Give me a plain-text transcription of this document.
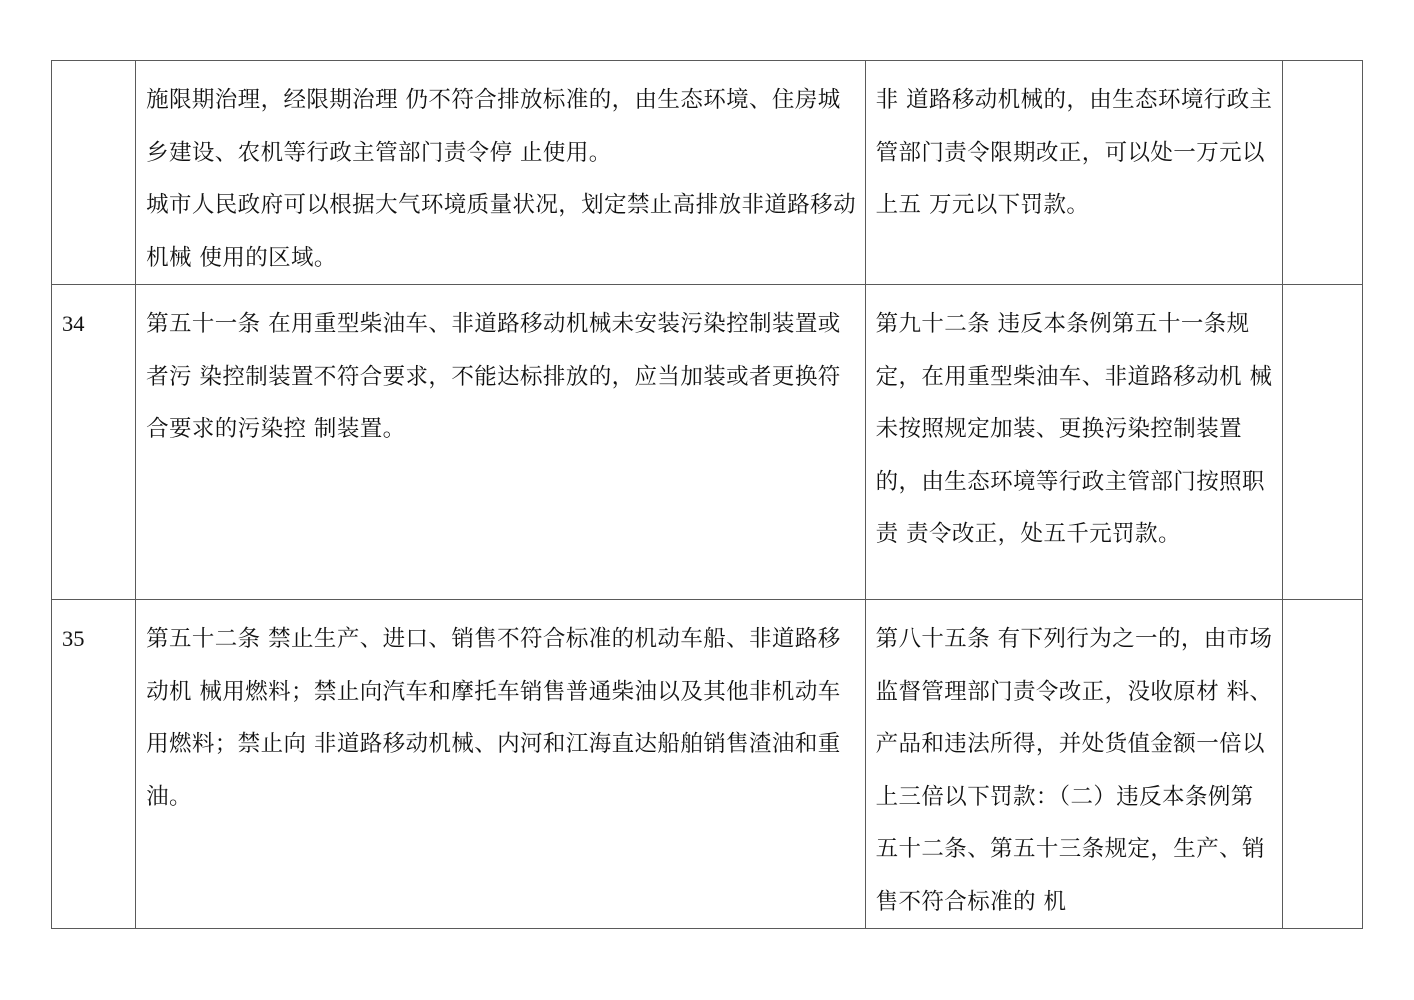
	施限期治理，经限期治理 仍不符合排放标准的，由生态环境、住房城乡建设、农机等行政主管部门责令停 止使用。
城市人民政府可以根据大气环境质量状况，划定禁止高排放非道路移动机械 使用的区域。	非 道路移动机械的，由生态环境行政主管部门责令限期改正，可以处一万元以上五 万元以下罚款。	

34	第五十一条 在用重型柴油车、非道路移动机械未安装污染控制装置或者污 染控制装置不符合要求，不能达标排放的，应当加装或者更换符合要求的污染控 制装置。	第九十二条 违反本条例第五十一条规定，在用重型柴油车、非道路移动机 械未按照规定加装、更换污染控制装置的，由生态环境等行政主管部门按照职责 责令改正，处五千元罚款。	

35	第五十二条 禁止生产、进口、销售不符合标准的机动车船、非道路移动机 械用燃料；禁止向汽车和摩托车销售普通柴油以及其他非机动车用燃料；禁止向 非道路移动机械、内河和江海直达船舶销售渣油和重油。	第八十五条 有下列行为之一的，由市场监督管理部门责令改正，没收原材 料、产品和违法所得，并处货值金额一倍以上三倍以下罚款：（二）违反本条例第五十二条、第五十三条规定，生产、销售不符合标准的 机	
